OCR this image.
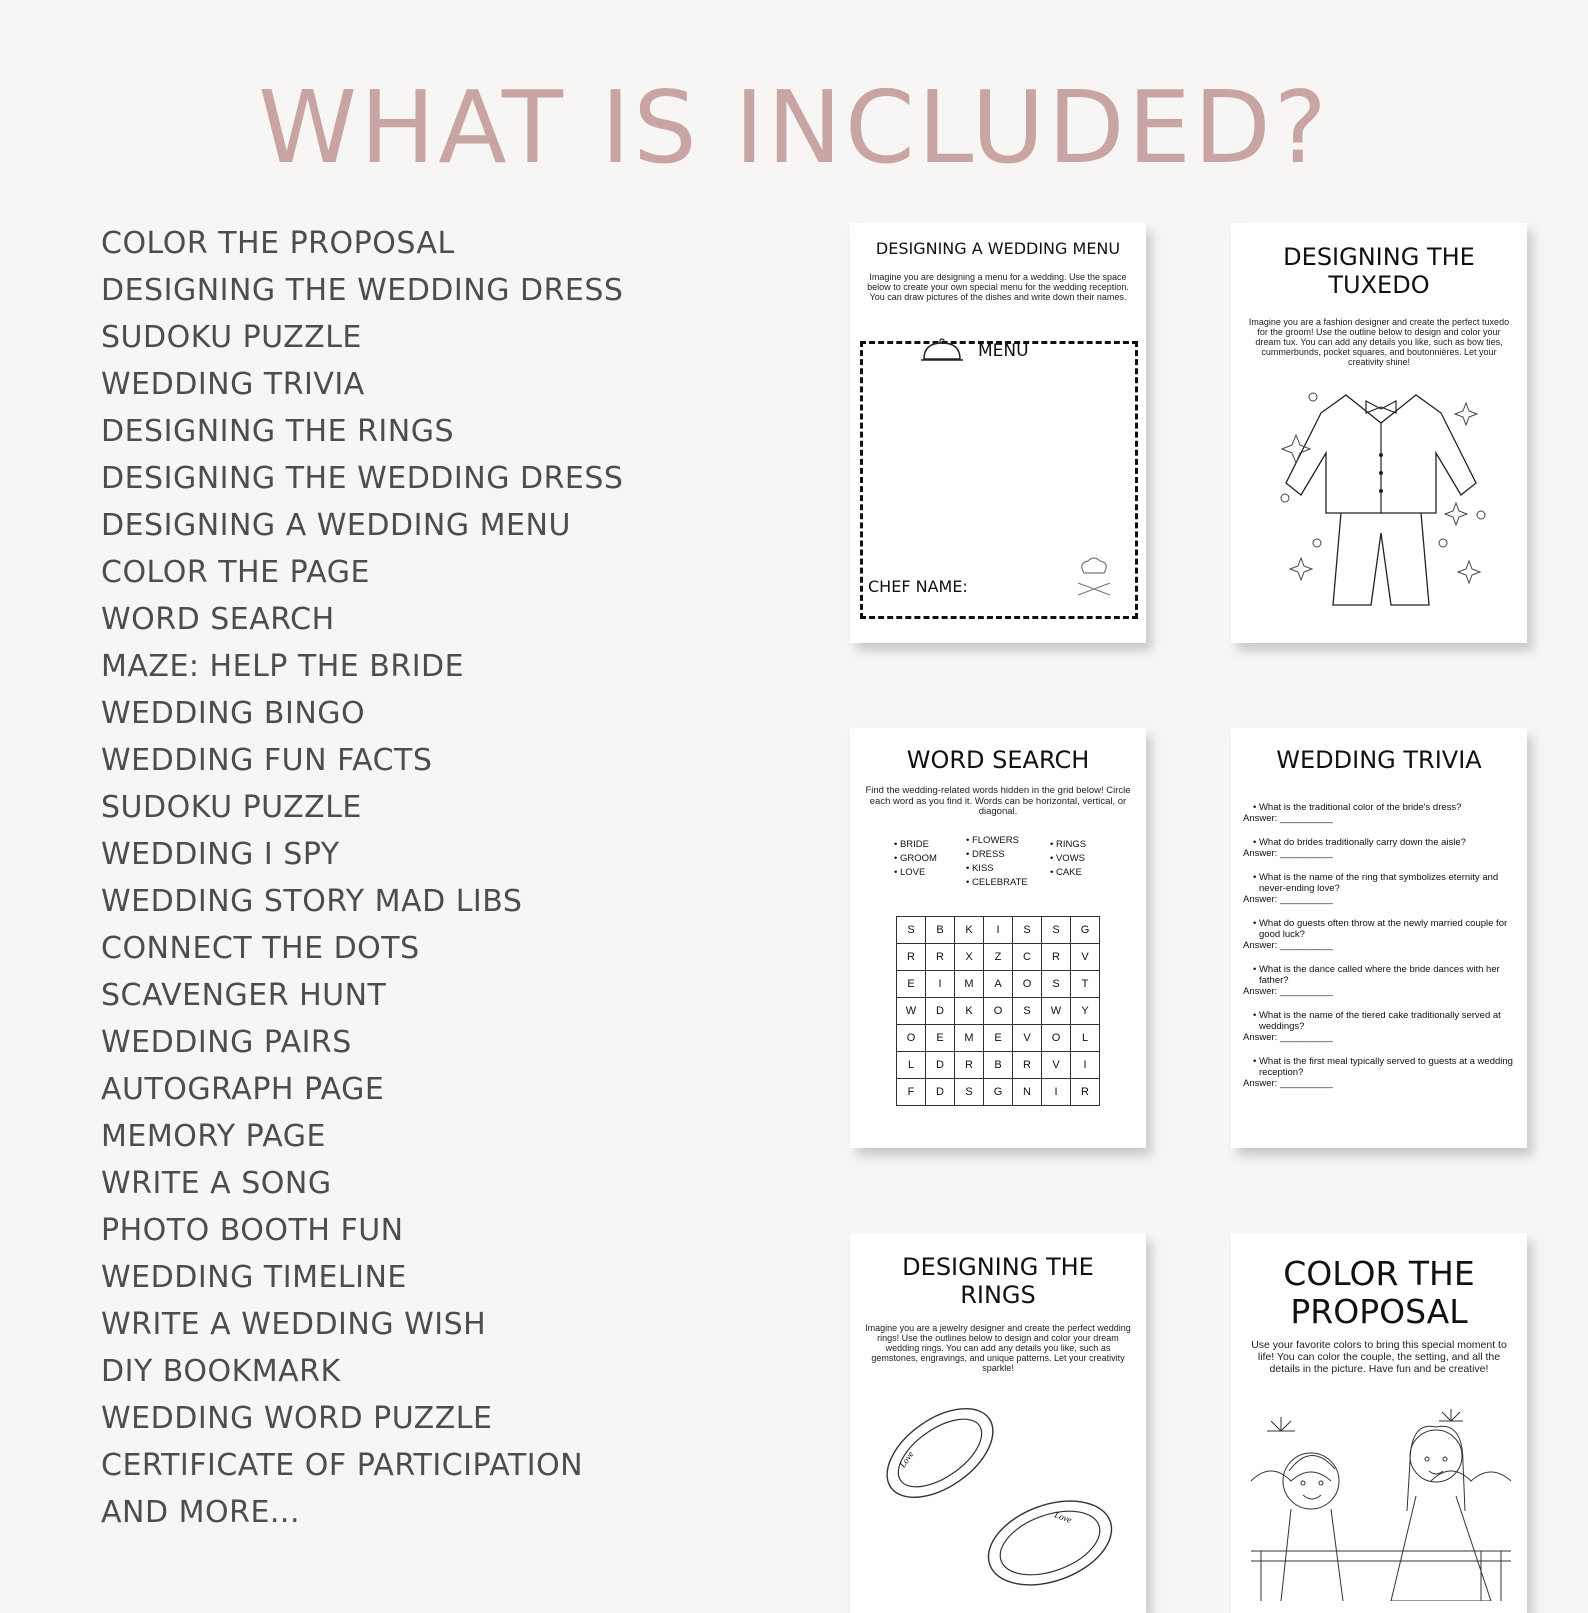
WHAT IS INCLUDED?
COLOR THE PROPOSAL
DESIGNING THE WEDDING DRESS
SUDOKU PUZZLE
WEDDING TRIVIA
DESIGNING THE RINGS
DESIGNING THE WEDDING DRESS
DESIGNING A WEDDING MENU
COLOR THE PAGE
WORD SEARCH
MAZE: HELP THE BRIDE
WEDDING BINGO
WEDDING FUN FACTS
SUDOKU PUZZLE
WEDDING I SPY
WEDDING STORY MAD LIBS
CONNECT THE DOTS
SCAVENGER HUNT
WEDDING PAIRS
AUTOGRAPH PAGE
MEMORY PAGE
WRITE A SONG
PHOTO BOOTH FUN
WEDDING TIMELINE
WRITE A WEDDING WISH
DIY BOOKMARK
WEDDING WORD PUZZLE
CERTIFICATE OF PARTICIPATION
AND MORE...
DESIGNING A WEDDING MENU
Imagine you are designing a menu for a wedding. Use the space below to create your own special menu for the wedding reception. You can draw pictures of the dishes and write down their names.
MENU
CHEF NAME:
DESIGNING THE
TUXEDO
Imagine you are a fashion designer and create the perfect tuxedo for the groom! Use the outline below to design and color your dream tux. You can add any details you like, such as bow ties, cummerbunds, pocket squares, and boutonnières. Let your creativity shine!
WORD SEARCH
Find the wedding-related words hidden in the grid below! Circle each word as you find it. Words can be horizontal, vertical, or diagonal.
• BRIDE
• GROOM
• LOVE
• FLOWERS
• DRESS
• KISS
• CELEBRATE
• RINGS
• VOWS
• CAKE
S	B	K	I	S	S	G
R	R	X	Z	C	R	V
E	I	M	A	O	S	T
W	D	K	O	S	W	Y
O	E	M	E	V	O	L
L	D	R	B	R	V	I
F	D	S	G	N	I	R
WEDDING TRIVIA
• What is the traditional color of the bride's dress?
Answer: __________
• What do brides traditionally carry down the aisle?
Answer: __________
• What is the name of the ring that symbolizes eternity and never-ending love?
Answer: __________
• What do guests often throw at the newly married couple for good luck?
Answer: __________
• What is the dance called where the bride dances with her father?
Answer: __________
• What is the name of the tiered cake traditionally served at weddings?
Answer: __________
• What is the first meal typically served to guests at a wedding reception?
Answer: __________
DESIGNING THE
RINGS
Imagine you are a jewelry designer and create the perfect wedding rings! Use the outlines below to design and color your dream wedding rings. You can add any details you like, such as gemstones, engravings, and unique patterns. Let your creativity sparkle!
Love
Love
COLOR THE
PROPOSAL
Use your favorite colors to bring this special moment to life! You can color the couple, the setting, and all the details in the picture. Have fun and be creative!
